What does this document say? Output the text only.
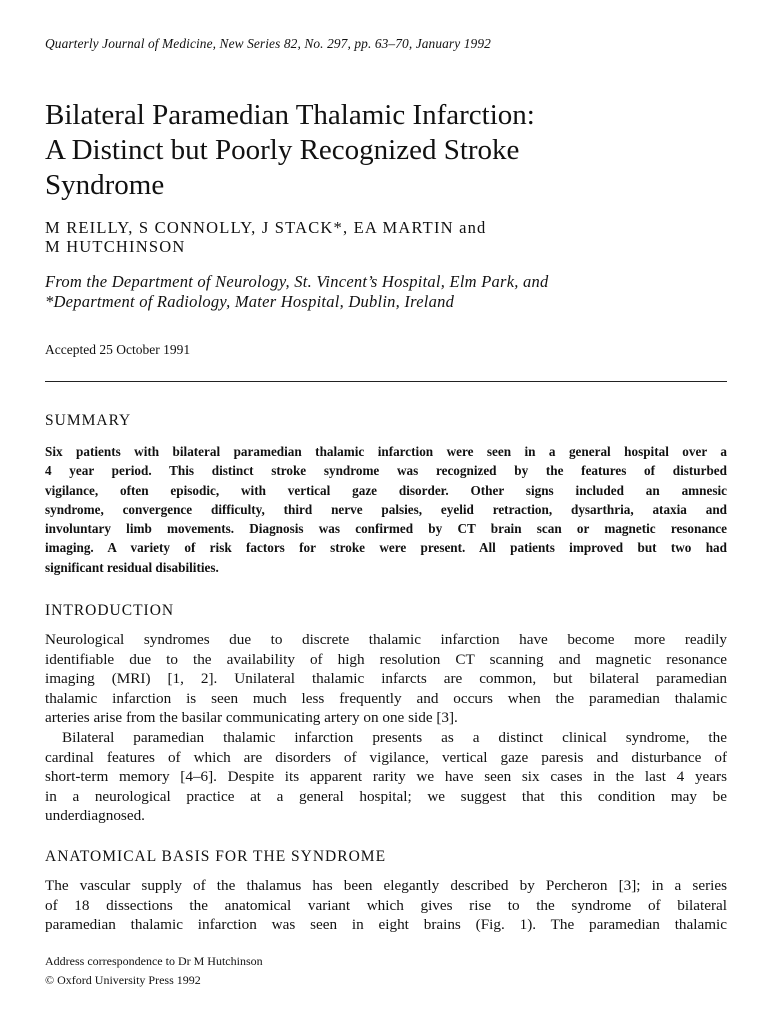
Quarterly Journal of Medicine, New Series 82, No. 297, pp. 63–70, January 1992
Bilateral Paramedian Thalamic Infarction:
A Distinct but Poorly Recognized Stroke
Syndrome
M REILLY, S CONNOLLY, J STACK*, EA MARTIN and
M HUTCHINSON
From the Department of Neurology, St. Vincent’s Hospital, Elm Park, and
*Department of Radiology, Mater Hospital, Dublin, Ireland
Accepted 25 October 1991
SUMMARY
Six patients with bilateral paramedian thalamic infarction were seen in a general hospital over a
4 year period. This distinct stroke syndrome was recognized by the features of disturbed
vigilance, often episodic, with vertical gaze disorder. Other signs included an amnesic
syndrome, convergence difficulty, third nerve palsies, eyelid retraction, dysarthria, ataxia and
involuntary limb movements. Diagnosis was confirmed by CT brain scan or magnetic resonance
imaging. A variety of risk factors for stroke were present. All patients improved but two had
significant residual disabilities.
INTRODUCTION
Neurological syndromes due to discrete thalamic infarction have become more readily
identifiable due to the availability of high resolution CT scanning and magnetic resonance
imaging (MRI) [1, 2]. Unilateral thalamic infarcts are common, but bilateral paramedian
thalamic infarction is seen much less frequently and occurs when the paramedian thalamic
arteries arise from the basilar communicating artery on one side [3].
Bilateral paramedian thalamic infarction presents as a distinct clinical syndrome, the
cardinal features of which are disorders of vigilance, vertical gaze paresis and disturbance of
short-term memory [4–6]. Despite its apparent rarity we have seen six cases in the last 4 years
in a neurological practice at a general hospital; we suggest that this condition may be
underdiagnosed.
ANATOMICAL BASIS FOR THE SYNDROME
The vascular supply of the thalamus has been elegantly described by Percheron [3]; in a series
of 18 dissections the anatomical variant which gives rise to the syndrome of bilateral
paramedian thalamic infarction was seen in eight brains (Fig. 1). The paramedian thalamic
Address correspondence to Dr M Hutchinson
© Oxford University Press 1992
